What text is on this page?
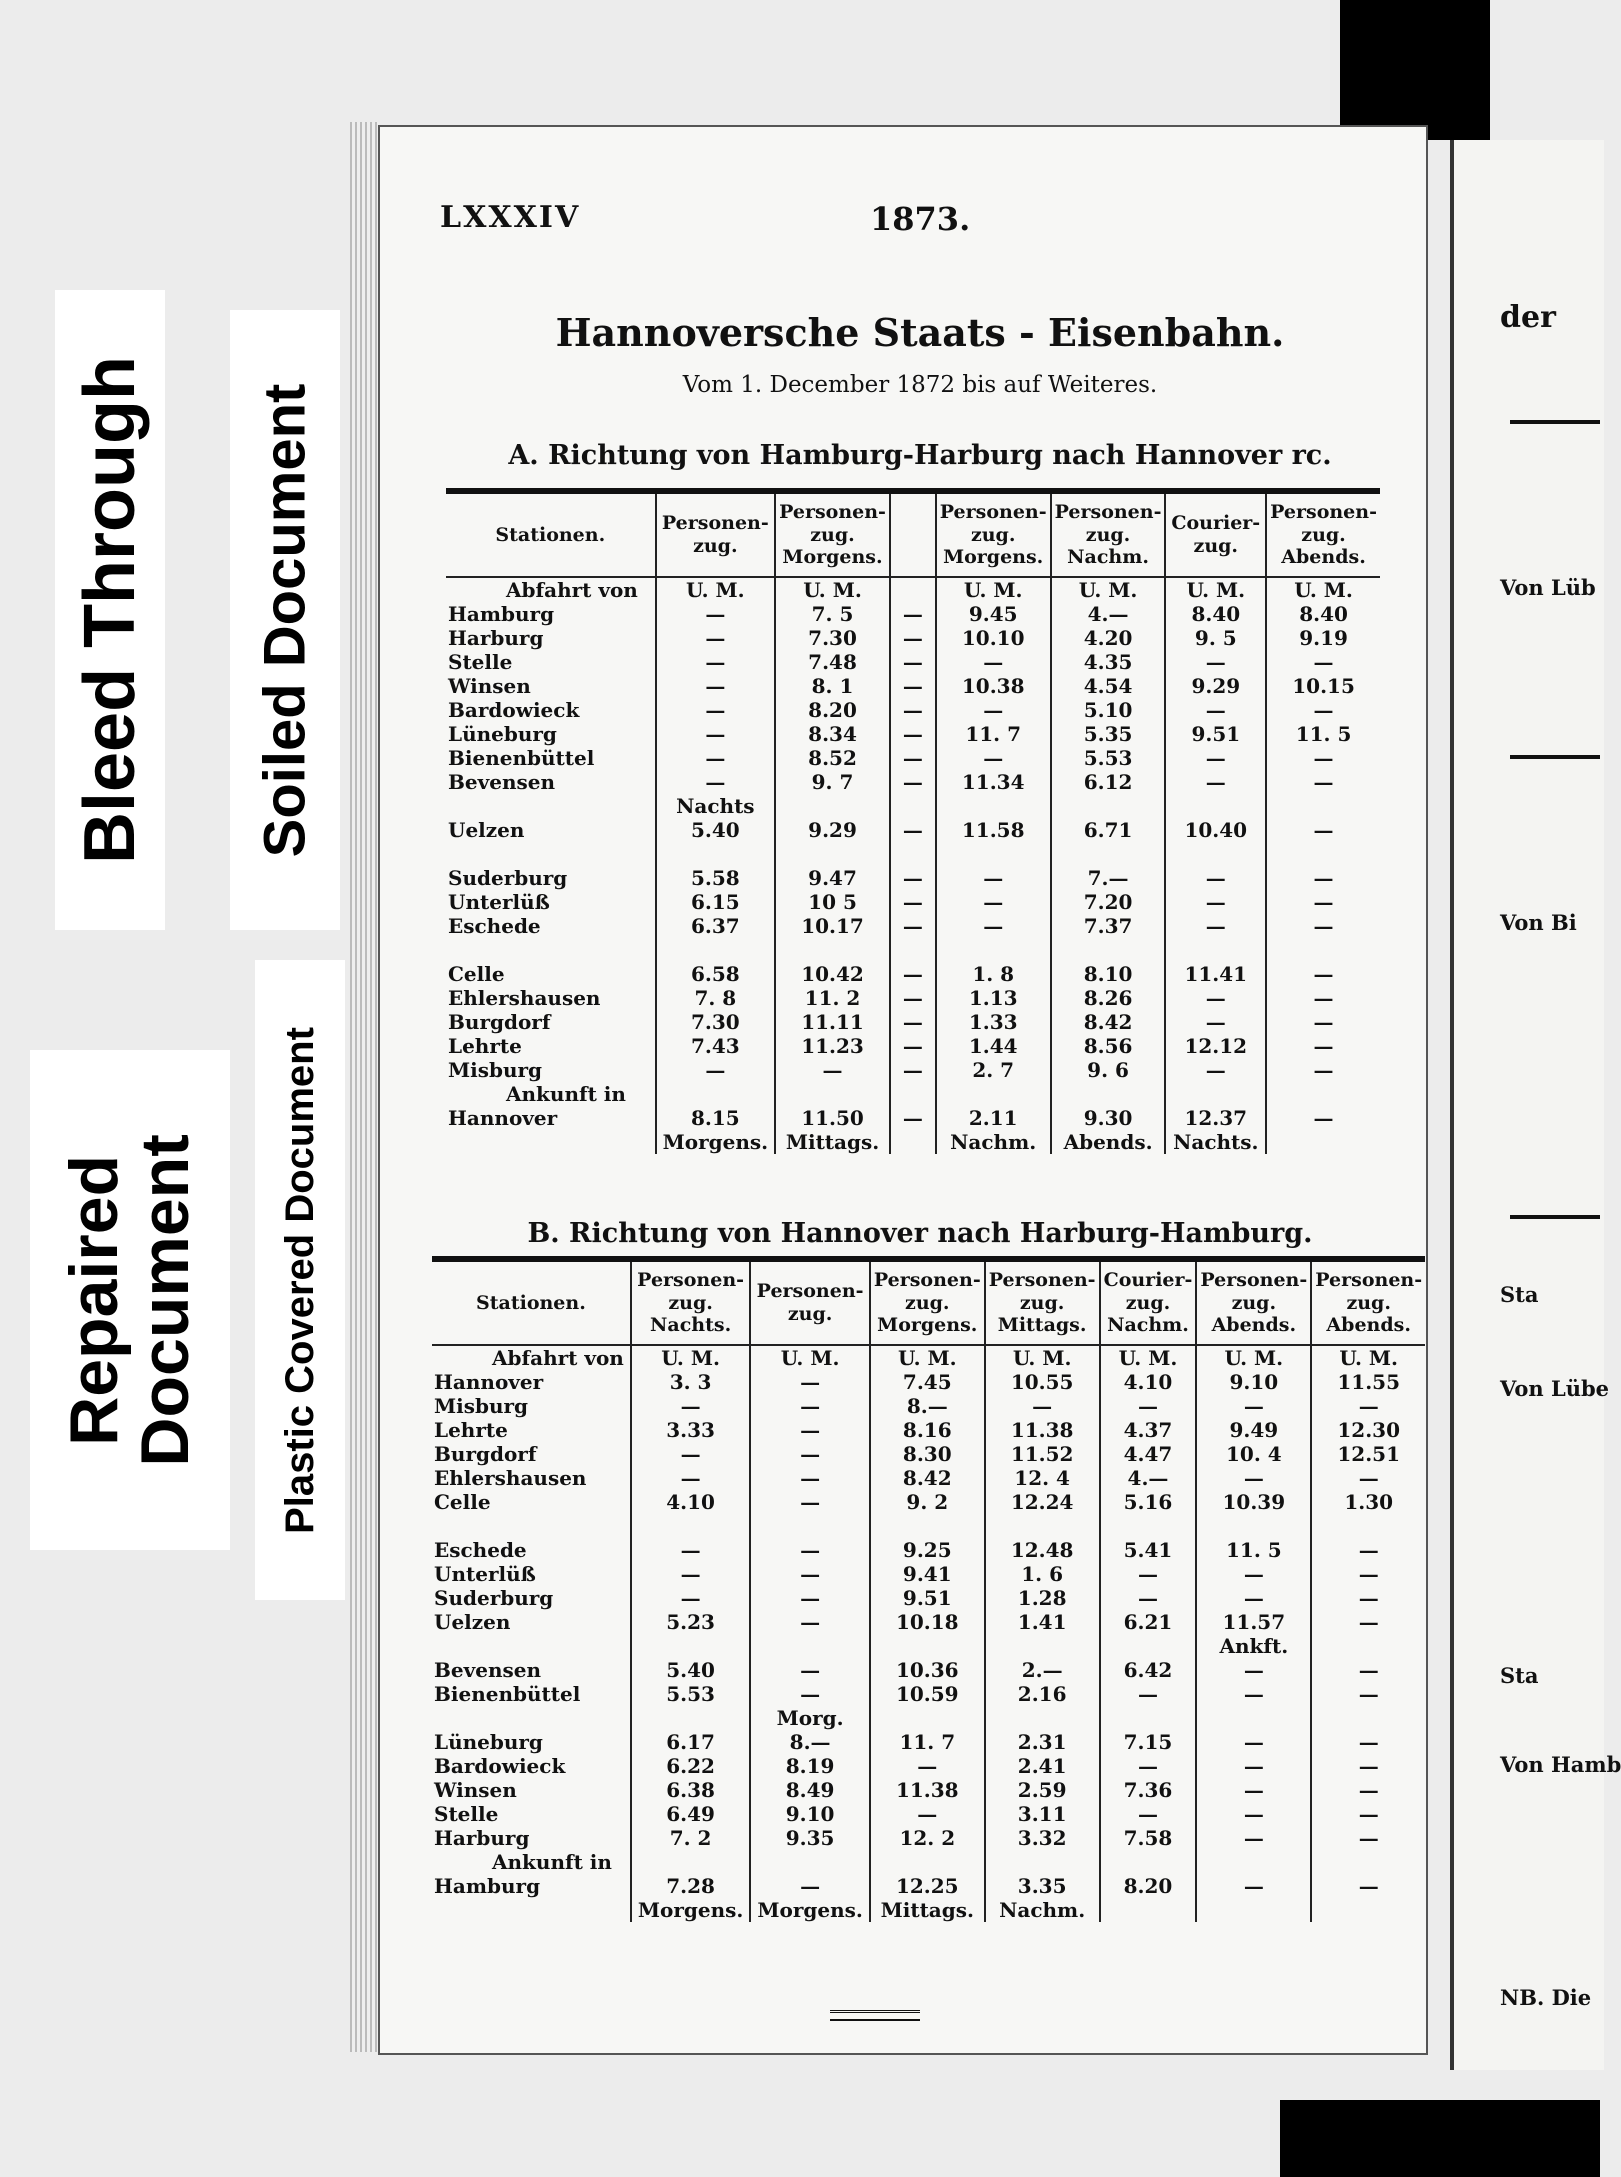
Bleed Through Soiled Document
Repaired Document Plastic Covered Document
der
Von Lüb
Von Bi
Sta
Von Lübe
Sta
Von Hamb
NB. Die
LXXXIV	1873.
Hannoversche Staats - Eisenbahn.
Vom 1. December 1872 bis auf Weiteres.
A. Richtung von Hamburg-Harburg nach Hannover rc.
Stationen.	Personen-zug.	Personen-zug. Morgens.		Personen-zug. Morgens.	Personen-zug. Nachm.	Courier-zug.	Personen-zug. Abends.
Abfahrt von	U. M.	U. M.		U. M.	U. M.	U. M.	U. M.
Hamburg	—	7. 5	—	9.45	4.—	8.40	8.40
Harburg	—	7.30	—	10.10	4.20	9. 5	9.19
Stelle	—	7.48	—	—	4.35	—	—
Winsen	—	8. 1	—	10.38	4.54	9.29	10.15
Bardowieck	—	8.20	—	—	5.10	—	—
Lüneburg	—	8.34	—	11. 7	5.35	9.51	11. 5
Bienenbüttel	—	8.52	—	—	5.53	—	—
Bevensen	—	9. 7	—	11.34	6.12	—	—
	Nachts						
Uelzen	5.40	9.29	—	11.58	6.71	10.40	—

Suderburg	5.58	9.47	—	—	7.—	—	—
Unterlüß	6.15	10 5	—	—	7.20	—	—
Eschede	6.37	10.17	—	—	7.37	—	—

Celle	6.58	10.42	—	1. 8	8.10	11.41	—
Ehlershausen	7. 8	11. 2	—	1.13	8.26	—	—
Burgdorf	7.30	11.11	—	1.33	8.42	—	—
Lehrte	7.43	11.23	—	1.44	8.56	12.12	—
Misburg	—	—	—	2. 7	9. 6	—	—
Ankunft in							
Hannover	8.15	11.50	—	2.11	9.30	12.37	—
	Morgens.	Mittags.		Nachm.	Abends.	Nachts.	
B. Richtung von Hannover nach Harburg-Hamburg.
Stationen.	Personen-zug. Nachts.	Personen-zug.	Personen-zug. Morgens.	Personen-zug. Mittags.	Courier-zug. Nachm.	Personen-zug. Abends.	Personen-zug. Abends.
Abfahrt von	U. M.	U. M.	U. M.	U. M.	U. M.	U. M.	U. M.
Hannover	3. 3	—	7.45	10.55	4.10	9.10	11.55
Misburg	—	—	8.—	—	—	—	—
Lehrte	3.33	—	8.16	11.38	4.37	9.49	12.30
Burgdorf	—	—	8.30	11.52	4.47	10. 4	12.51
Ehlershausen	—	—	8.42	12. 4	4.—	—	—
Celle	4.10	—	9. 2	12.24	5.16	10.39	1.30

Eschede	—	—	9.25	12.48	5.41	11. 5	—
Unterlüß	—	—	9.41	1. 6	—	—	—
Suderburg	—	—	9.51	1.28	—	—	—
Uelzen	5.23	—	10.18	1.41	6.21	11.57	—
						Ankft.	
Bevensen	5.40	—	10.36	2.—	6.42	—	—
Bienenbüttel	5.53	—	10.59	2.16	—	—	—
		Morg.					
Lüneburg	6.17	8.—	11. 7	2.31	7.15	—	—
Bardowieck	6.22	8.19	—	2.41	—	—	—
Winsen	6.38	8.49	11.38	2.59	7.36	—	—
Stelle	6.49	9.10	—	3.11	—	—	—
Harburg	7. 2	9.35	12. 2	3.32	7.58	—	—
Ankunft in							
Hamburg	7.28	—	12.25	3.35	8.20	—	—
	Morgens.	Morgens.	Mittags.	Nachm.			
